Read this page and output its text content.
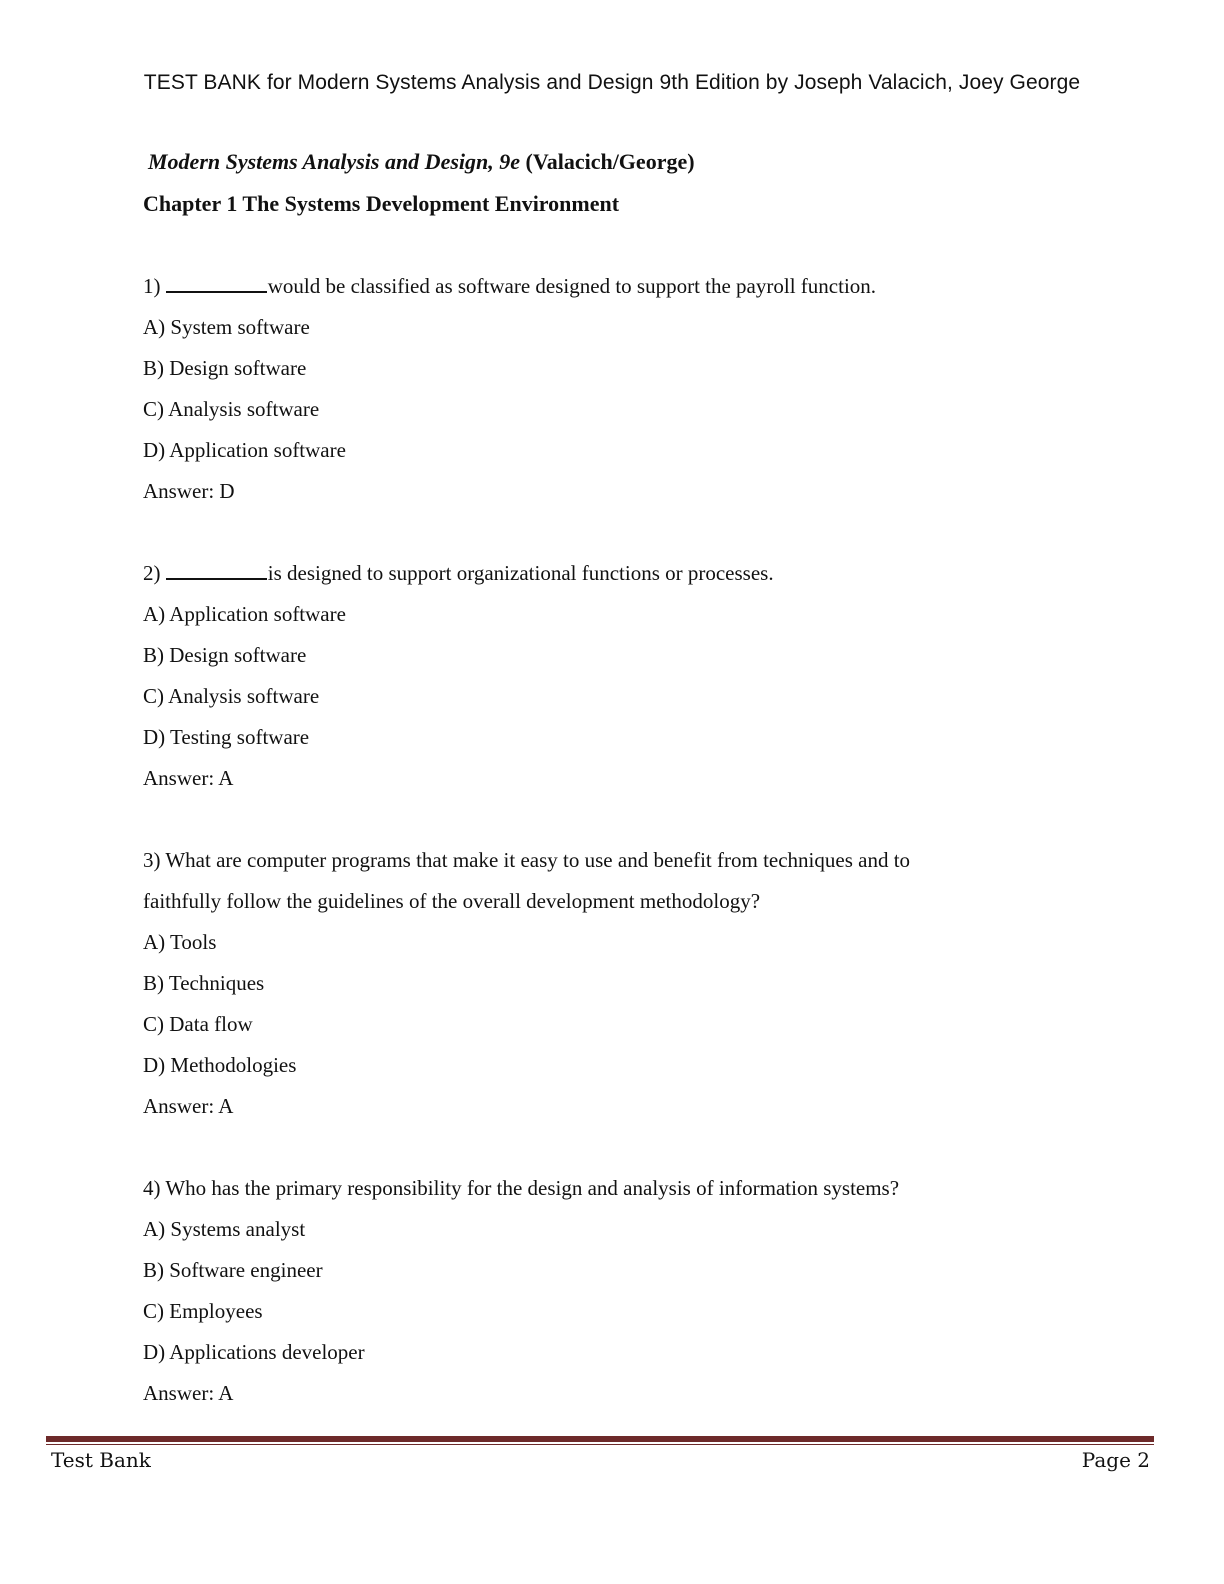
TEST BANK for Modern Systems Analysis and Design 9th Edition by Joseph Valacich, Joey George
Modern Systems Analysis and Design, 9e (Valacich/George)
Chapter 1 The Systems Development Environment
1)	would be classified as software designed to support the payroll function.
A) System software
B) Design software
C) Analysis software
D) Application software
Answer: D
2)	is designed to support organizational functions or processes.
A) Application software
B) Design software
C) Analysis software
D) Testing software
Answer: A
3) What are computer programs that make it easy to use and benefit from techniques and to
faithfully follow the guidelines of the overall development methodology?
A) Tools
B) Techniques
C) Data flow
D) Methodologies
Answer: A
4) Who has the primary responsibility for the design and analysis of information systems?
A) Systems analyst
B) Software engineer
C) Employees
D) Applications developer
Answer: A
Test Bank	Page 2
